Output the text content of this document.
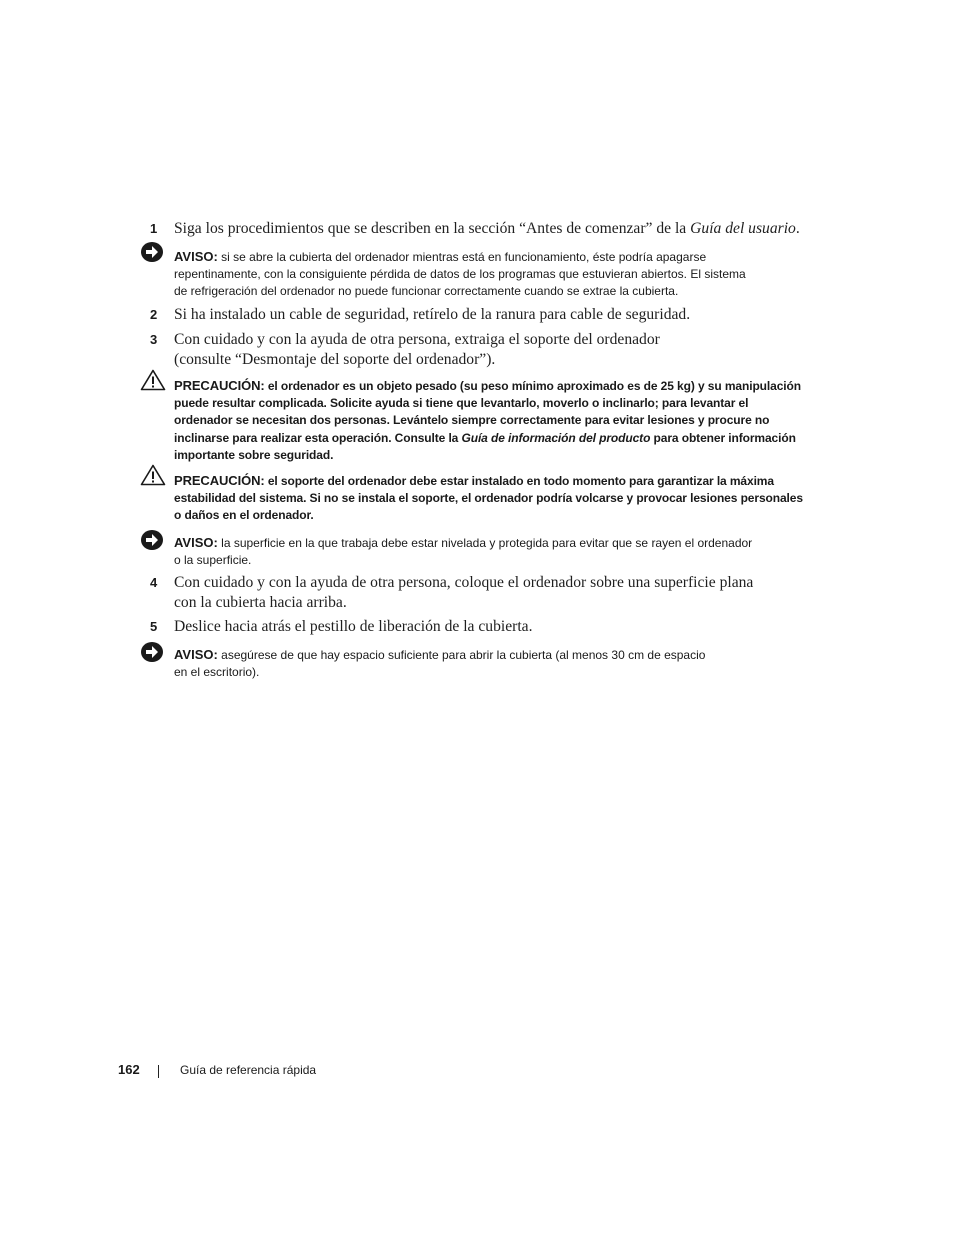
1 Siga los procedimientos que se describen en la sección “Antes de comenzar” de la Guía del usuario.
AVISO: si se abre la cubierta del ordenador mientras está en funcionamiento, éste podría apagarse
repentinamente, con la consiguiente pérdida de datos de los programas que estuvieran abiertos. El sistema
de refrigeración del ordenador no puede funcionar correctamente cuando se extrae la cubierta.
2 Si ha instalado un cable de seguridad, retírelo de la ranura para cable de seguridad.
3 Con cuidado y con la ayuda de otra persona, extraiga el soporte del ordenador
(consulte “Desmontaje del soporte del ordenador”).
PRECAUCIÓN: el ordenador es un objeto pesado (su peso mínimo aproximado es de 25 kg) y su manipulación
puede resultar complicada. Solicite ayuda si tiene que levantarlo, moverlo o inclinarlo; para levantar el
ordenador se necesitan dos personas. Levántelo siempre correctamente para evitar lesiones y procure no
inclinarse para realizar esta operación. Consulte la Guía de información del producto para obtener información
importante sobre seguridad.
PRECAUCIÓN: el soporte del ordenador debe estar instalado en todo momento para garantizar la máxima
estabilidad del sistema. Si no se instala el soporte, el ordenador podría volcarse y provocar lesiones personales
o daños en el ordenador.
AVISO: la superficie en la que trabaja debe estar nivelada y protegida para evitar que se rayen el ordenador
o la superficie.
4 Con cuidado y con la ayuda de otra persona, coloque el ordenador sobre una superficie plana
con la cubierta hacia arriba.
5 Deslice hacia atrás el pestillo de liberación de la cubierta.
AVISO: asegúrese de que hay espacio suficiente para abrir la cubierta (al menos 30 cm de espacio
en el escritorio).
162	Guía de referencia rápida
